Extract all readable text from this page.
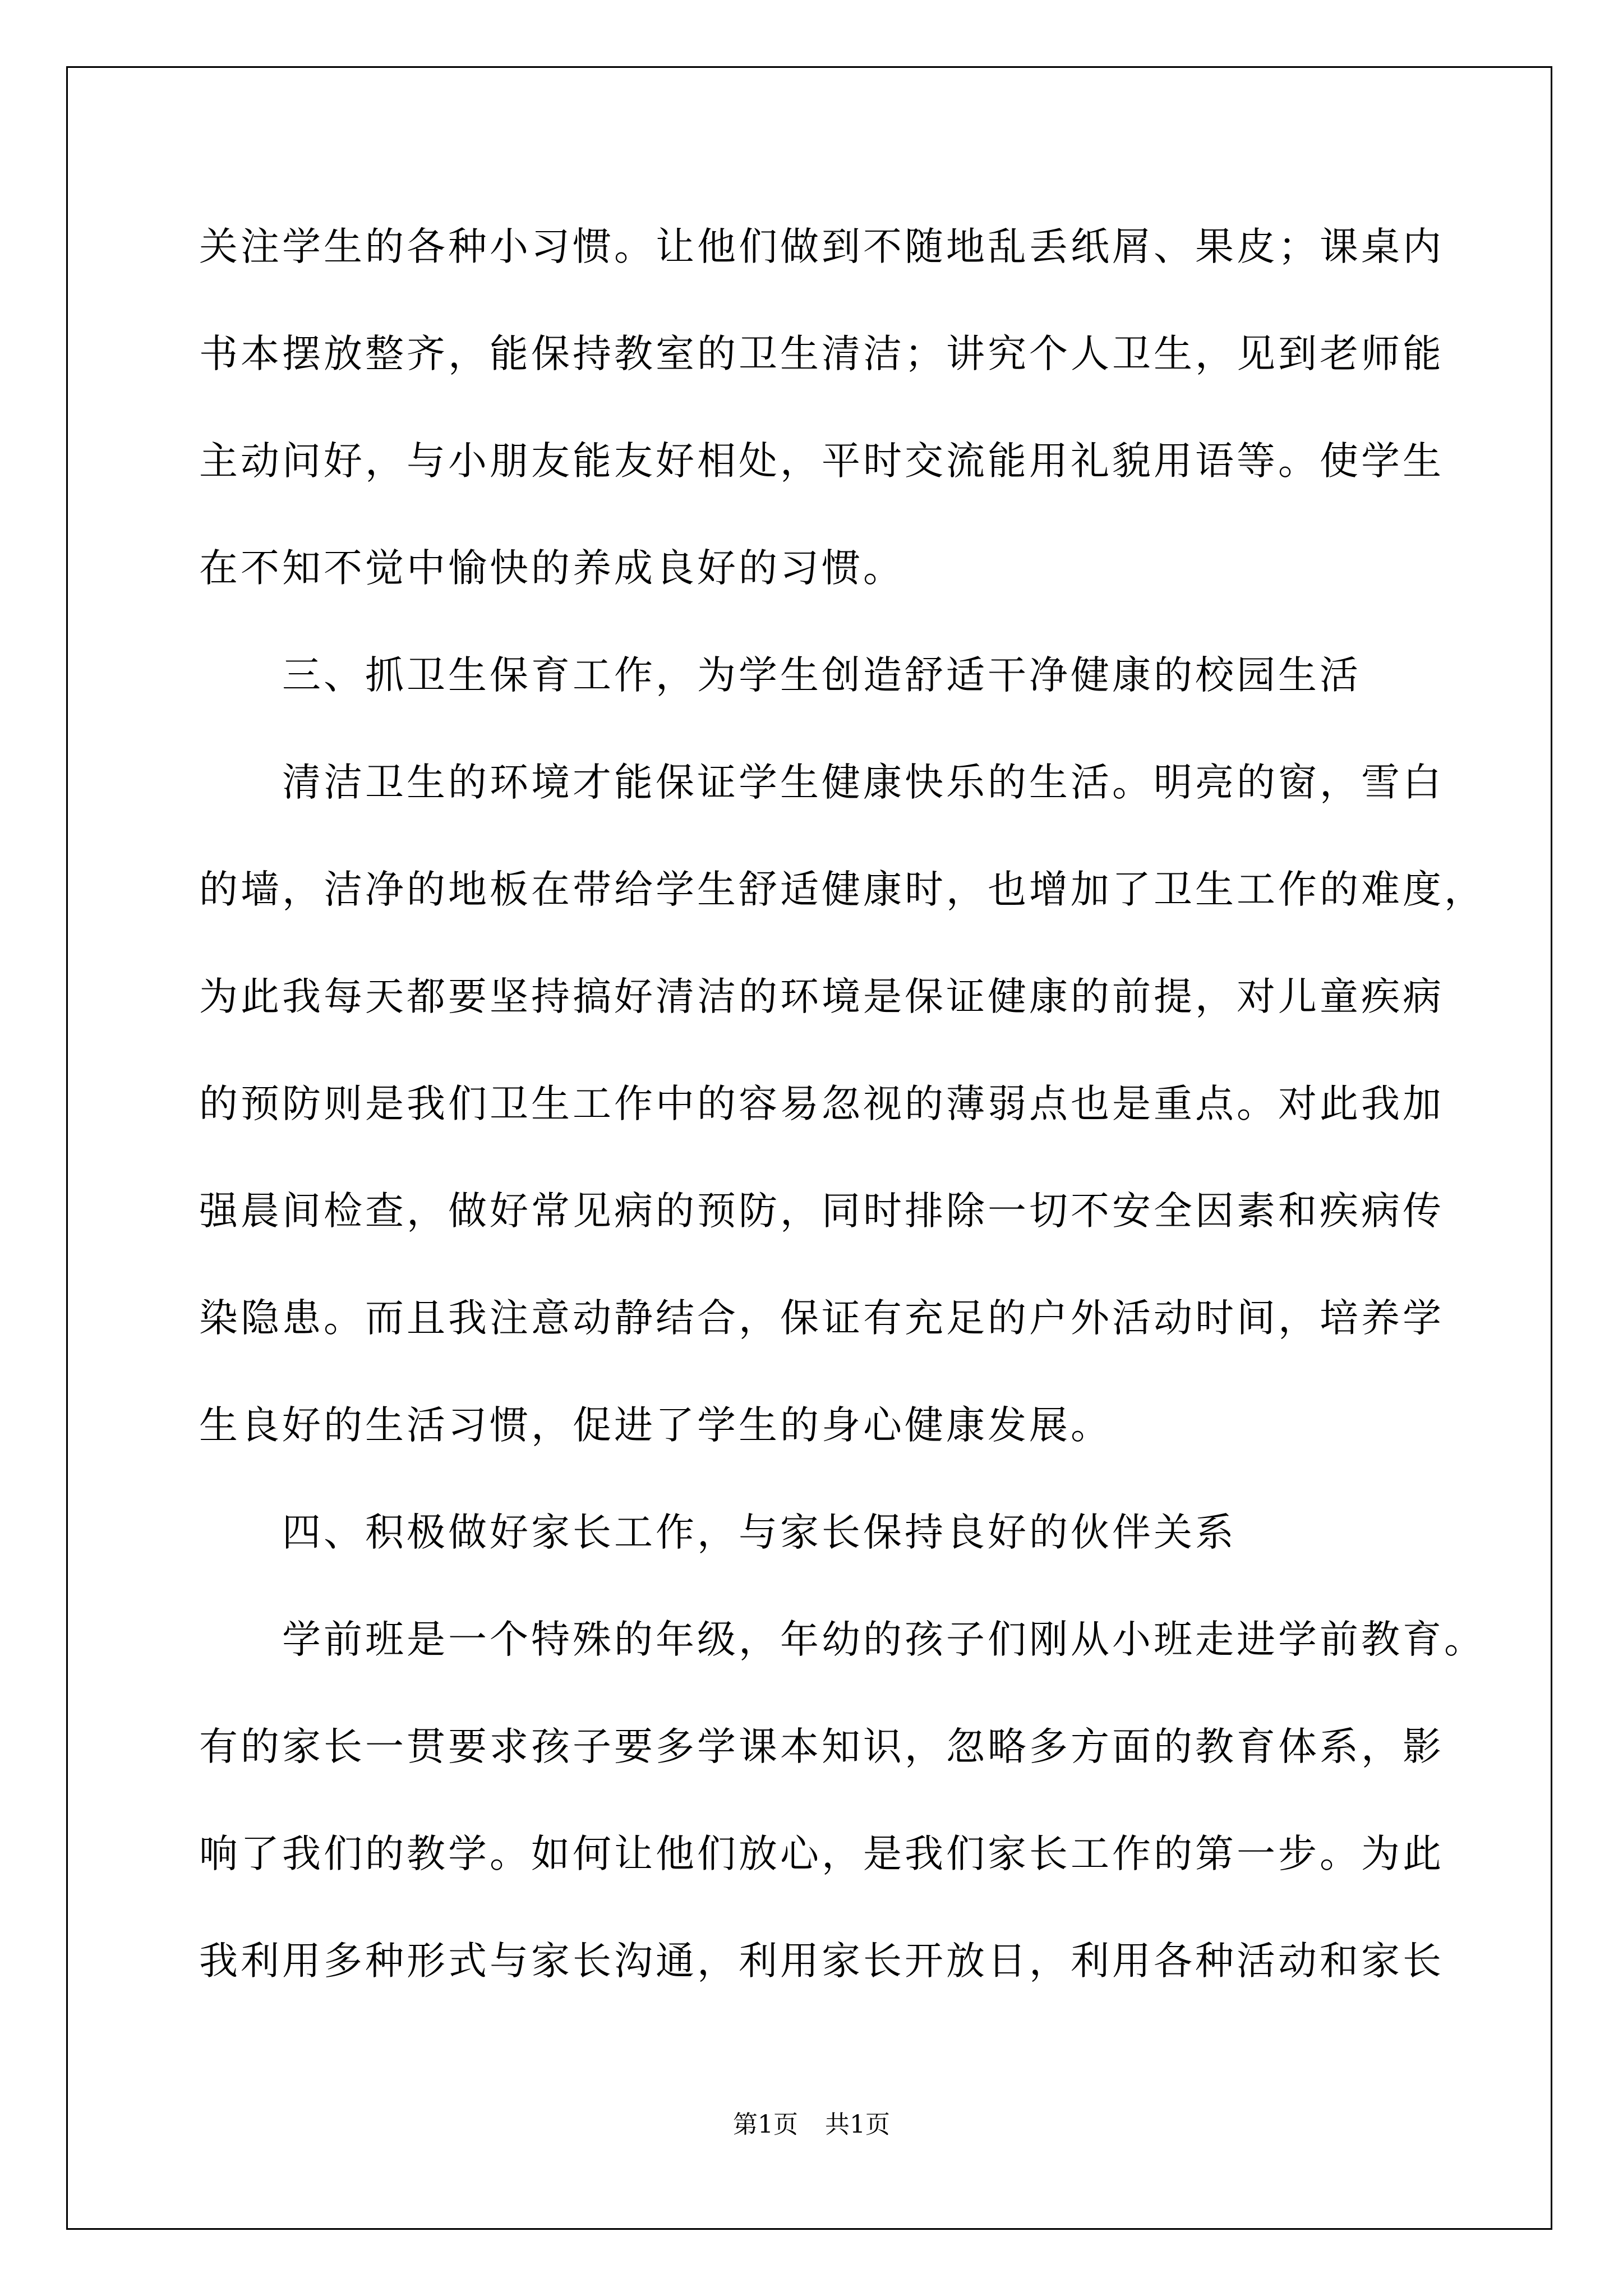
关注学生的各种小习惯。让他们做到不随地乱丢纸屑、果皮；课桌内
书本摆放整齐，能保持教室的卫生清洁；讲究个人卫生，见到老师能
主动问好，与小朋友能友好相处，平时交流能用礼貌用语等。使学生
在不知不觉中愉快的养成良好的习惯。
三、抓卫生保育工作，为学生创造舒适干净健康的校园生活
清洁卫生的环境才能保证学生健康快乐的生活。明亮的窗，雪白
的墙，洁净的地板在带给学生舒适健康时，也增加了卫生工作的难度，
为此我每天都要坚持搞好清洁的环境是保证健康的前提，对儿童疾病
的预防则是我们卫生工作中的容易忽视的薄弱点也是重点。对此我加
强晨间检查，做好常见病的预防，同时排除一切不安全因素和疾病传
染隐患。而且我注意动静结合，保证有充足的户外活动时间，培养学
生良好的生活习惯，促进了学生的身心健康发展。
四、积极做好家长工作，与家长保持良好的伙伴关系
学前班是一个特殊的年级，年幼的孩子们刚从小班走进学前教育。
有的家长一贯要求孩子要多学课本知识，忽略多方面的教育体系，影
响了我们的教学。如何让他们放心，是我们家长工作的第一步。为此
我利用多种形式与家长沟通，利用家长开放日，利用各种活动和家长
第1页 共1页
